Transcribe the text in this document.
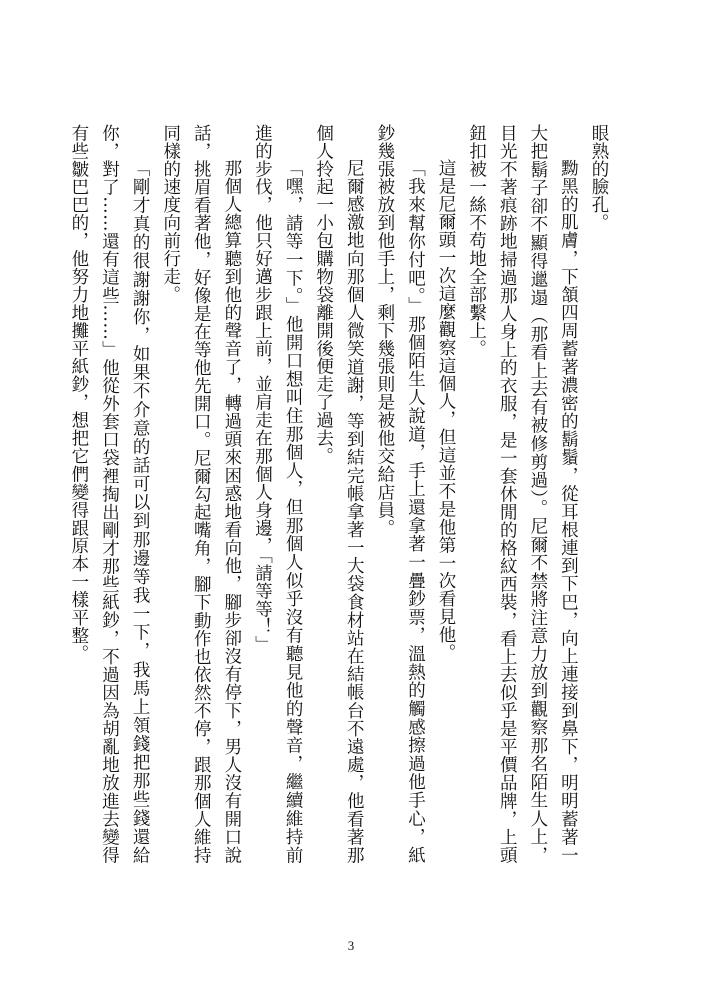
眼熟的臉孔。

黝黑的肌膚，下頷四周蓄著濃密的鬍鬚，從耳根連到下巴，向上連接到鼻下，明明蓄著一大把鬍子卻不顯得邋遢（那看上去有被修剪過）。尼爾不禁將注意力放到觀察那名陌生人上，目光不著痕跡地掃過那人身上的衣服，是一套休閒的格紋西裝，看上去似乎是平價品牌，上頭鈕扣被一絲不苟地全部繫上。

這是尼爾頭一次這麼觀察這個人，但這並不是他第一次看見他。

「我來幫你付吧。」那個陌生人說道，手上還拿著一疊鈔票，溫熱的觸感擦過他手心，紙鈔幾張被放到他手上，剩下幾張則是被他交給店員。

尼爾感激地向那個人微笑道謝，等到結完帳拿著一大袋食材站在結帳台不遠處，他看著那個人拎起一小包購物袋離開後便走了過去。

「嘿，請等一下。」他開口想叫住那個人，但那個人似乎沒有聽見他的聲音，繼續維持前進的步伐，他只好邁步跟上前，並肩走在那個人身邊，「請等等！」

那個人總算聽到他的聲音了，轉過頭來困惑地看向他，腳步卻沒有停下，男人沒有開口說話，挑眉看著他，好像是在等他先開口。尼爾勾起嘴角，腳下動作也依然不停，跟那個人維持同樣的速度向前行走。

「剛才真的很謝謝你，如果不介意的話可以到那邊等我一下，我馬上領錢把那些錢還給你，對了……還有這些……」他從外套口袋裡掏出剛才那些紙鈔，不過因為胡亂地放進去變得有些皺巴巴的，他努力地攤平紙鈔，想把它們變得跟原本一樣平整。

3
